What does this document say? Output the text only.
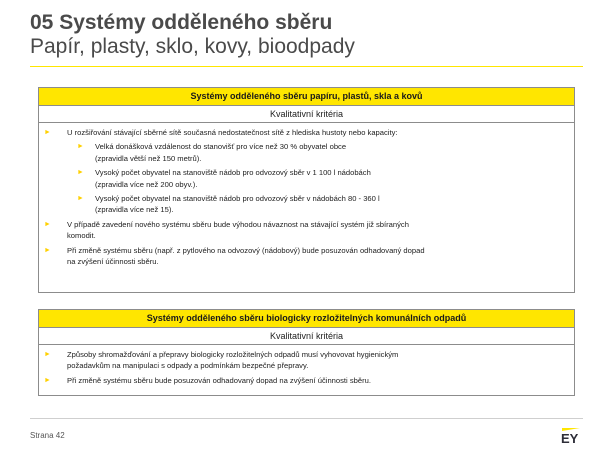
05 Systémy odděleného sběru
Papír, plasty, sklo, kovy, bioodpady
Systémy odděleného sběru papíru, plastů, skla a kovů
Kvalitativní kritéria
► U rozšiřování stávající sběrné sítě současná nedostatečnost sítě z hlediska hustoty nebo kapacity:
► Velká donášková vzdálenost do stanovišť pro více než 30 % obyvatel obce
(zpravidla větší než 150 metrů).
► Vysoký počet obyvatel na stanoviště nádob pro odvozový sběr v 1 100 l nádobách
(zpravidla více než 200 obyv.).
► Vysoký počet obyvatel na stanoviště nádob pro odvozový sběr v nádobách 80 - 360 l
(zpravidla více než 15).
► V případě zavedení nového systému sběru bude výhodou návaznost na stávající systém již sbíraných
komodit.
► Při změně systému sběru (např. z pytlového na odvozový (nádobový) bude posuzován odhadovaný dopad
na zvýšení účinnosti sběru.
Systémy odděleného sběru biologicky rozložitelných komunálních odpadů
Kvalitativní kritéria
► Způsoby shromažďování a přepravy biologicky rozložitelných odpadů musí vyhovovat hygienickým
požadavkům na manipulaci s odpady a podmínkám bezpečné přepravy.
► Při změně systému sběru bude posuzován odhadovaný dopad na zvýšení účinnosti sběru.
Strana 42	EY
